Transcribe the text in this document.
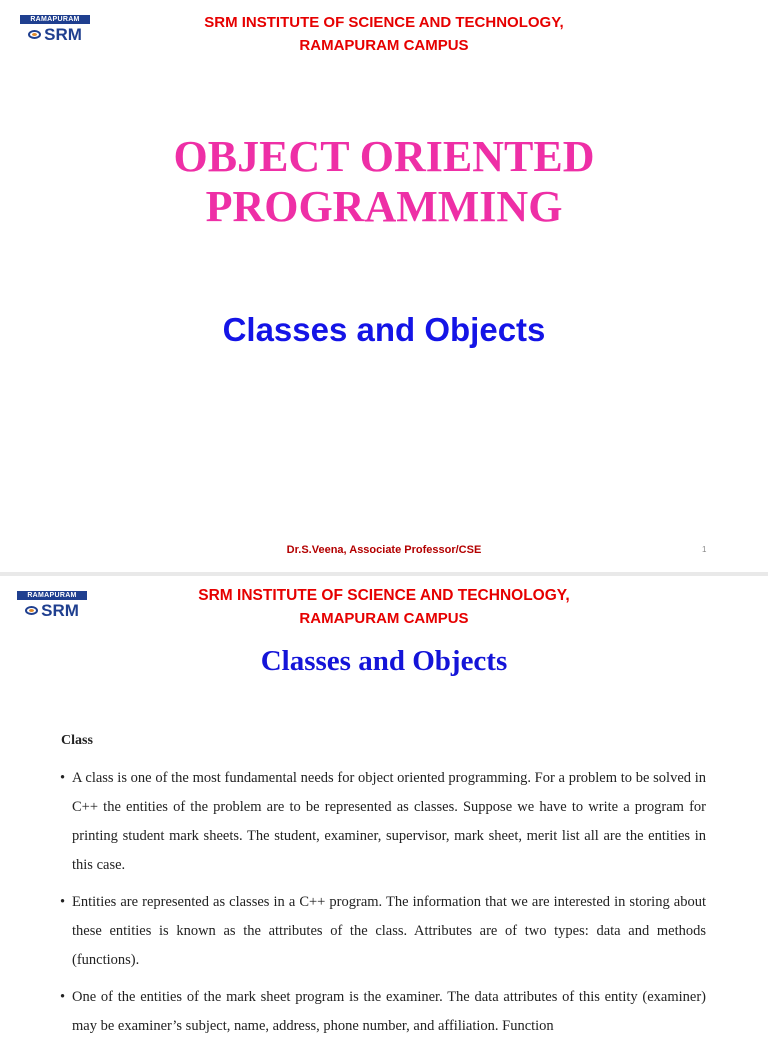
RAMAPURAM
SRM
SRM INSTITUTE OF SCIENCE AND TECHNOLOGY,
RAMAPURAM CAMPUS
OBJECT ORIENTED
PROGRAMMING
Classes and Objects
Dr.S.Veena, Associate Professor/CSE	1
RAMAPURAM
SRM
SRM INSTITUTE OF SCIENCE AND TECHNOLOGY,
RAMAPURAM CAMPUS
Classes and Objects
Class
• A class is one of the most fundamental needs for object oriented programming. For a problem to be solved in C++ the entities of the problem are to be represented as classes. Suppose we have to write a program for printing student mark sheets. The student, examiner, supervisor, mark sheet, merit list all are the entities in this case.
• Entities are represented as classes in a C++ program. The information that we are interested in storing about these entities is known as the attributes of the class. Attributes are of two types: data and methods (functions).
• One of the entities of the mark sheet program is the examiner. The data attributes of this entity (examiner) may be examiner’s subject, name, address, phone number, and affiliation. Function
